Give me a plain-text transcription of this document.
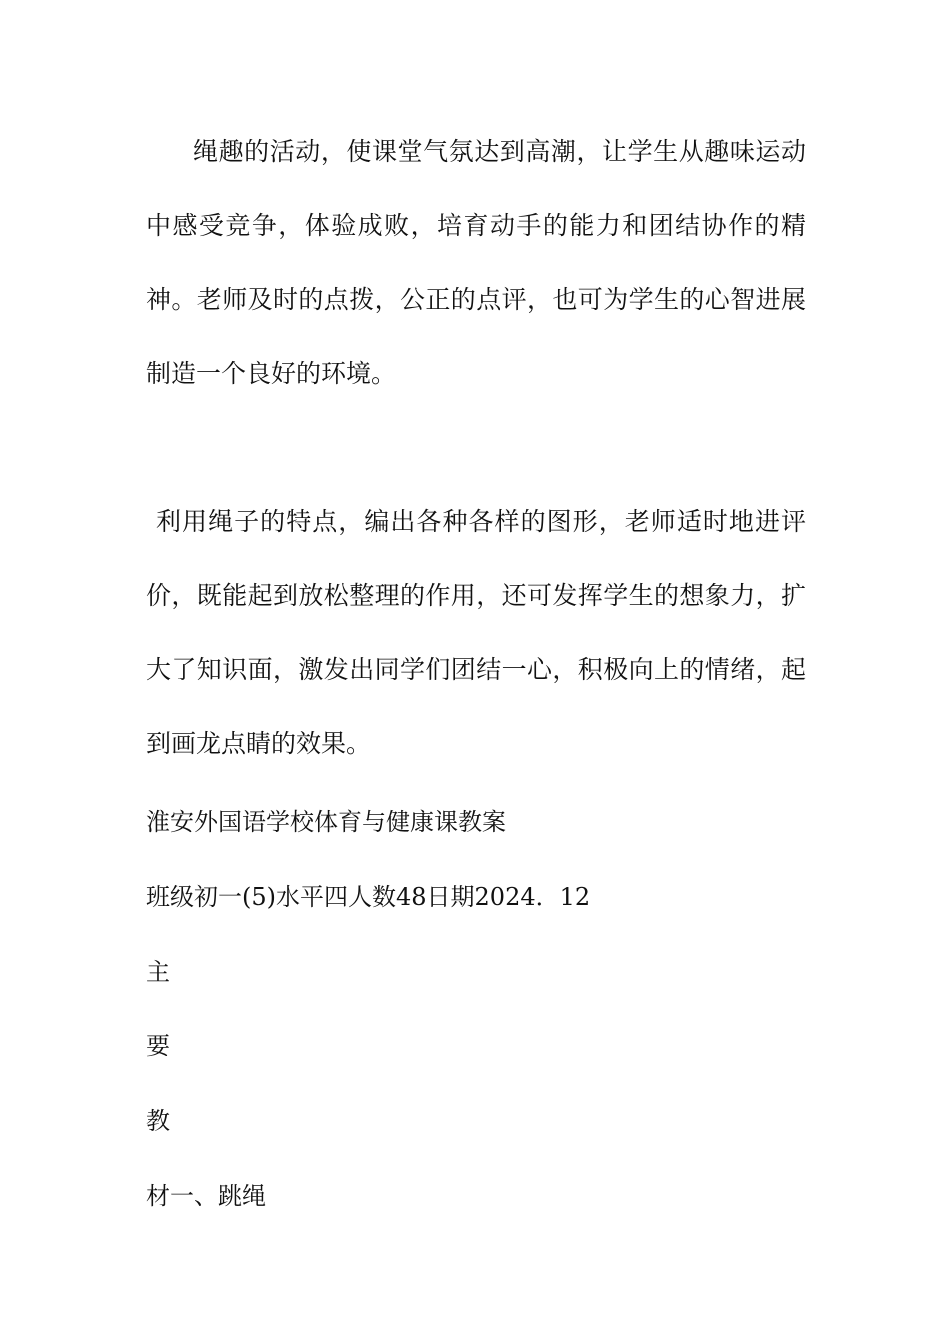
绳趣的活动，使课堂气氛达到高潮，让学生从趣味运动中感受竞争，体验成败，培育动手的能力和团结协作的精神。老师及时的点拨，公正的点评，也可为学生的心智进展制造一个良好的环境。

利用绳子的特点，编出各种各样的图形，老师适时地进评价，既能起到放松整理的作用，还可发挥学生的想象力，扩大了知识面，激发出同学们团结一心，积极向上的情绪，起到画龙点睛的效果。

淮安外国语学校体育与健康课教案

班级初一(5)水平四人数48日期2024．12

主

要

教

材一、跳绳
